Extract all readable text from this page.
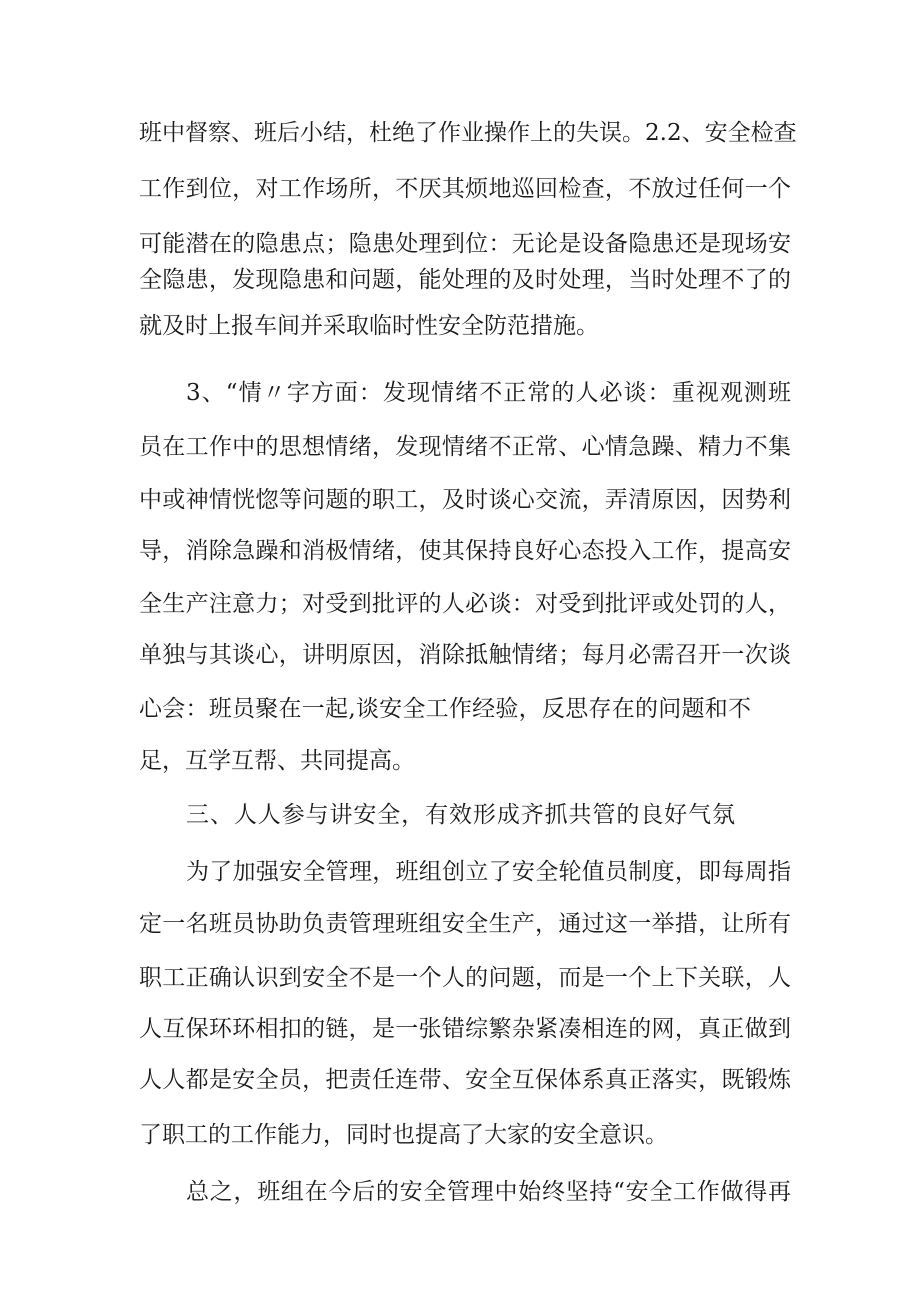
班中督察、班后小结，杜绝了作业操作上的失误。2.2、安全检查

工作到位，对工作场所，不厌其烦地巡回检查，不放过任何一个

可能潜在的隐患点；隐患处理到位：无论是设备隐患还是现场安

全隐患，发现隐患和问题，能处理的及时处理，当时处理不了的

就及时上报车间并采取临时性安全防范措施。

3、“情〃字方面：发现情绪不正常的人必谈：重视观测班

员在工作中的思想情绪，发现情绪不正常、心情急躁、精力不集

中或神情恍惚等问题的职工，及时谈心交流，弄清原因，因势利

导，消除急躁和消极情绪，使其保持良好心态投入工作，提高安

全生产注意力；对受到批评的人必谈：对受到批评或处罚的人，

单独与其谈心，讲明原因，消除抵触情绪；每月必需召开一次谈

心会：班员聚在一起,谈安全工作经验，反思存在的问题和不

足，互学互帮、共同提高。

三、人人参与讲安全，有效形成齐抓共管的良好气氛

为了加强安全管理，班组创立了安全轮值员制度，即每周指

定一名班员协助负责管理班组安全生产，通过这一举措，让所有

职工正确认识到安全不是一个人的问题，而是一个上下关联，人

人互保环环相扣的链，是一张错综繁杂紧凑相连的网，真正做到

人人都是安全员，把责任连带、安全互保体系真正落实，既锻炼

了职工的工作能力，同时也提高了大家的安全意识。

总之，班组在今后的安全管理中始终坚持“安全工作做得再
